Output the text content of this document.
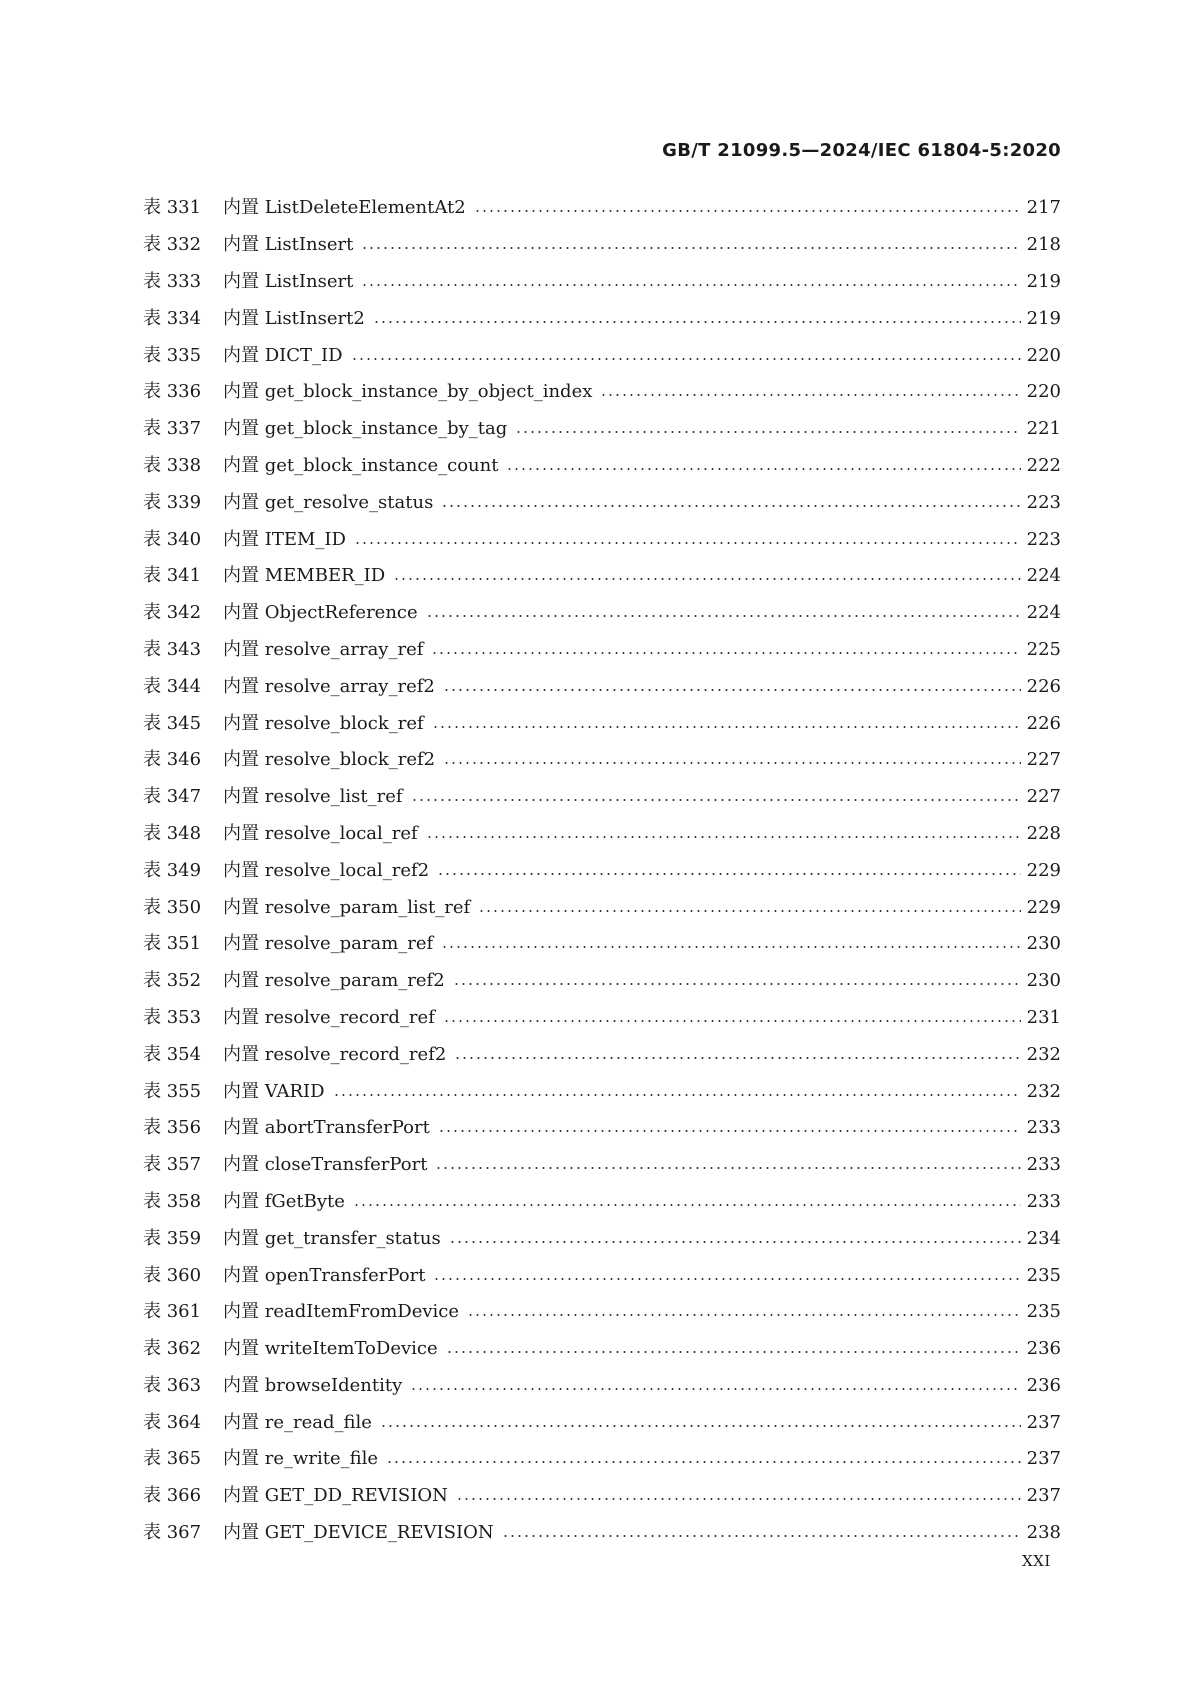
GB/T 21099.5—2024/IEC 61804-5:2020
表 331	内置 ListDeleteElementAt2	217
表 332	内置 ListInsert	218
表 333	内置 ListInsert	219
表 334	内置 ListInsert2	219
表 335	内置 DICT_ID	220
表 336	内置 get_block_instance_by_object_index	220
表 337	内置 get_block_instance_by_tag	221
表 338	内置 get_block_instance_count	222
表 339	内置 get_resolve_status	223
表 340	内置 ITEM_ID	223
表 341	内置 MEMBER_ID	224
表 342	内置 ObjectReference	224
表 343	内置 resolve_array_ref	225
表 344	内置 resolve_array_ref2	226
表 345	内置 resolve_block_ref	226
表 346	内置 resolve_block_ref2	227
表 347	内置 resolve_list_ref	227
表 348	内置 resolve_local_ref	228
表 349	内置 resolve_local_ref2	229
表 350	内置 resolve_param_list_ref	229
表 351	内置 resolve_param_ref	230
表 352	内置 resolve_param_ref2	230
表 353	内置 resolve_record_ref	231
表 354	内置 resolve_record_ref2	232
表 355	内置 VARID	232
表 356	内置 abortTransferPort	233
表 357	内置 closeTransferPort	233
表 358	内置 fGetByte	233
表 359	内置 get_transfer_status	234
表 360	内置 openTransferPort	235
表 361	内置 readItemFromDevice	235
表 362	内置 writeItemToDevice	236
表 363	内置 browseIdentity	236
表 364	内置 re_read_file	237
表 365	内置 re_write_file	237
表 366	内置 GET_DD_REVISION	237
表 367	内置 GET_DEVICE_REVISION	238
XXI
